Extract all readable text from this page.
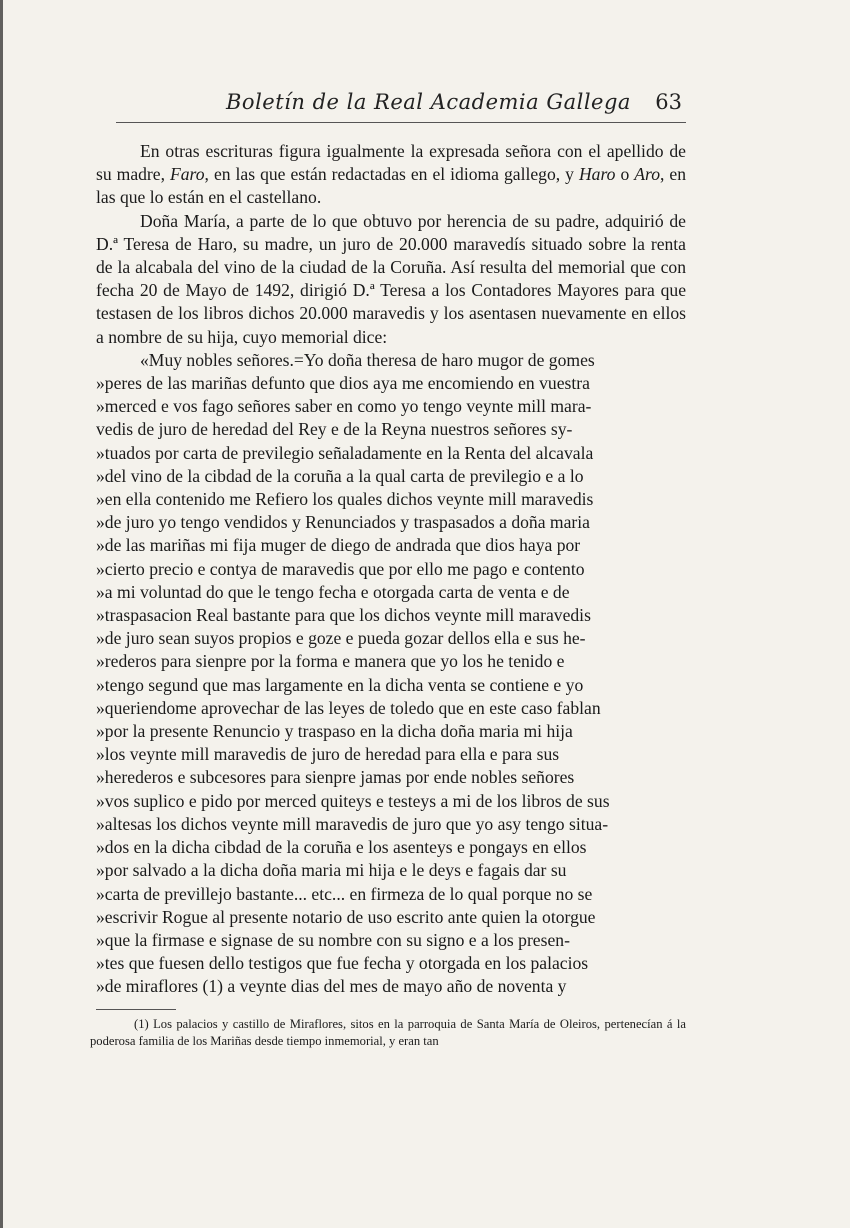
Boletín de la Real Academia Gallega 63

En otras escrituras figura igualmente la expresada señora con el apellido de su madre, Faro, en las que están redactadas en el idioma gallego, y Haro o Aro, en las que lo están en el castellano.

Doña María, a parte de lo que obtuvo por herencia de su padre, adquirió de D.ª Teresa de Haro, su madre, un juro de 20.000 maravedís situado sobre la renta de la alcabala del vino de la ciudad de la Coruña. Así resulta del memorial que con fecha 20 de Mayo de 1492, dirigió D.ª Teresa a los Contadores Mayores para que testasen de los libros dichos 20.000 maravedis y los asentasen nuevamente en ellos a nombre de su hija, cuyo memorial dice:

«Muy nobles señores.=Yo doña theresa de haro mugor de gomes

»peres de las mariñas defunto que dios aya me encomiendo en vuestra

»merced e vos fago señores saber en como yo tengo veynte mill mara-

vedis de juro de heredad del Rey e de la Reyna nuestros señores sy-

»tuados por carta de previlegio señaladamente en la Renta del alcavala

»del vino de la cibdad de la coruña a la qual carta de previlegio e a lo

»en ella contenido me Refiero los quales dichos veynte mill maravedis

»de juro yo tengo vendidos y Renunciados y traspasados a doña maria

»de las mariñas mi fija muger de diego de andrada que dios haya por

»cierto precio e contya de maravedis que por ello me pago e contento

»a mi voluntad do que le tengo fecha e otorgada carta de venta e de

»traspasacion Real bastante para que los dichos veynte mill maravedis

»de juro sean suyos propios e goze e pueda gozar dellos ella e sus he-

»rederos para sienpre por la forma e manera que yo los he tenido e

»tengo segund que mas largamente en la dicha venta se contiene e yo

»queriendome aprovechar de las leyes de toledo que en este caso fablan

»por la presente Renuncio y traspaso en la dicha doña maria mi hija

»los veynte mill maravedis de juro de heredad para ella e para sus

»herederos e subcesores para sienpre jamas por ende nobles señores

»vos suplico e pido por merced quiteys e testeys a mi de los libros de sus

»altesas los dichos veynte mill maravedis de juro que yo asy tengo situa-

»dos en la dicha cibdad de la coruña e los asenteys e pongays en ellos

»por salvado a la dicha doña maria mi hija e le deys e fagais dar su

»carta de previllejo bastante... etc... en firmeza de lo qual porque no se

»escrivir Rogue al presente notario de uso escrito ante quien la otorgue

»que la firmase e signase de su nombre con su signo e a los presen-

»tes que fuesen dello testigos que fue fecha y otorgada en los palacios

»de miraflores (1) a veynte dias del mes de mayo año de noventa y

(1) Los palacios y castillo de Miraflores, sitos en la parroquia de Santa María de Oleiros, pertenecían á la poderosa familia de los Mariñas desde tiempo inmemorial, y eran tan
